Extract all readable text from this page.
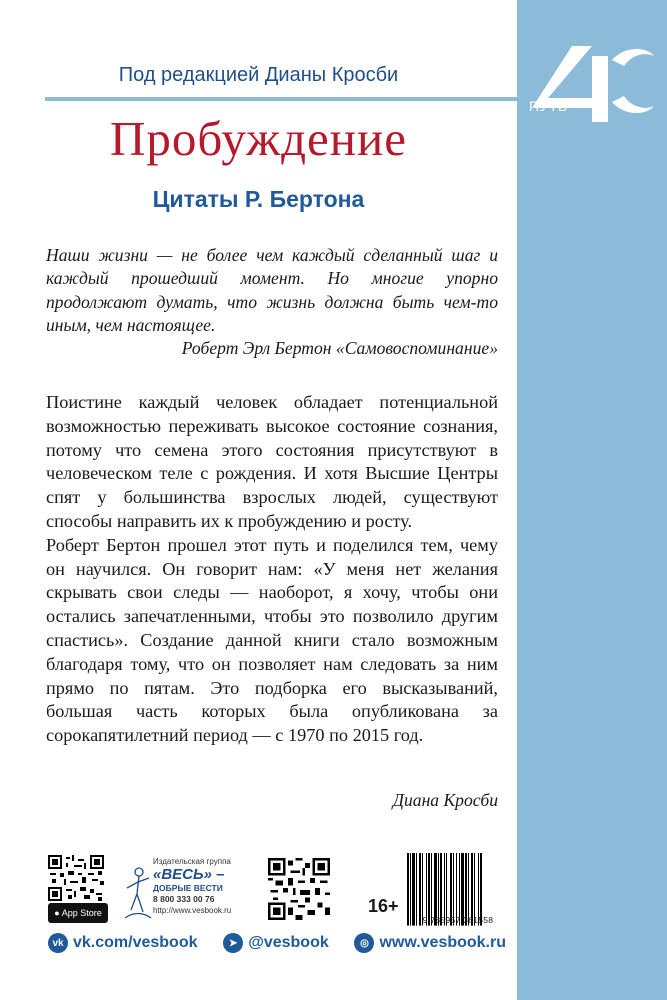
ПУТЬ
Под редакцией Дианы Кросби
Пробуждение
Цитаты Р. Бертона
Наши жизни — не более чем каждый сделанный шаг и каждый прошедший момент. Но многие упорно продолжают думать, что жизнь должна быть чем-то иным, чем настоящее.
Роберт Эрл Бертон «Самовоспоминание»

Поистине каждый человек обладает потенциальной возможностью переживать высокое состояние сознания, потому что семена этого состояния присутствуют в человеческом теле с рождения. И хотя Высшие Центры спят у большинства взрослых людей, существуют способы направить их к пробуждению и росту.

Роберт Бертон прошел этот путь и поделился тем, чему он научился. Он говорит нам: «У меня нет желания скрывать свои следы — наоборот, я хочу, чтобы они остались запечатленными, чтобы это позволило другим спастись». Создание данной книги стало возможным благодаря тому, что он позволяет нам следовать за ним прямо по пятам. Это подборка его высказываний, большая часть которых была опубликована за сорокапятилетний период — с 1970 по 2015 год.

Диана Кросби
● App Store
Издательская группа
«ВЕСЬ» –
ДОБРЫЕ ВЕСТИ
8 800 333 00 76
http://www.vesbook.ru	16+
9 785957 361558
vk vk.com/vesbook	➤ @vesbook	◎ www.vesbook.ru
